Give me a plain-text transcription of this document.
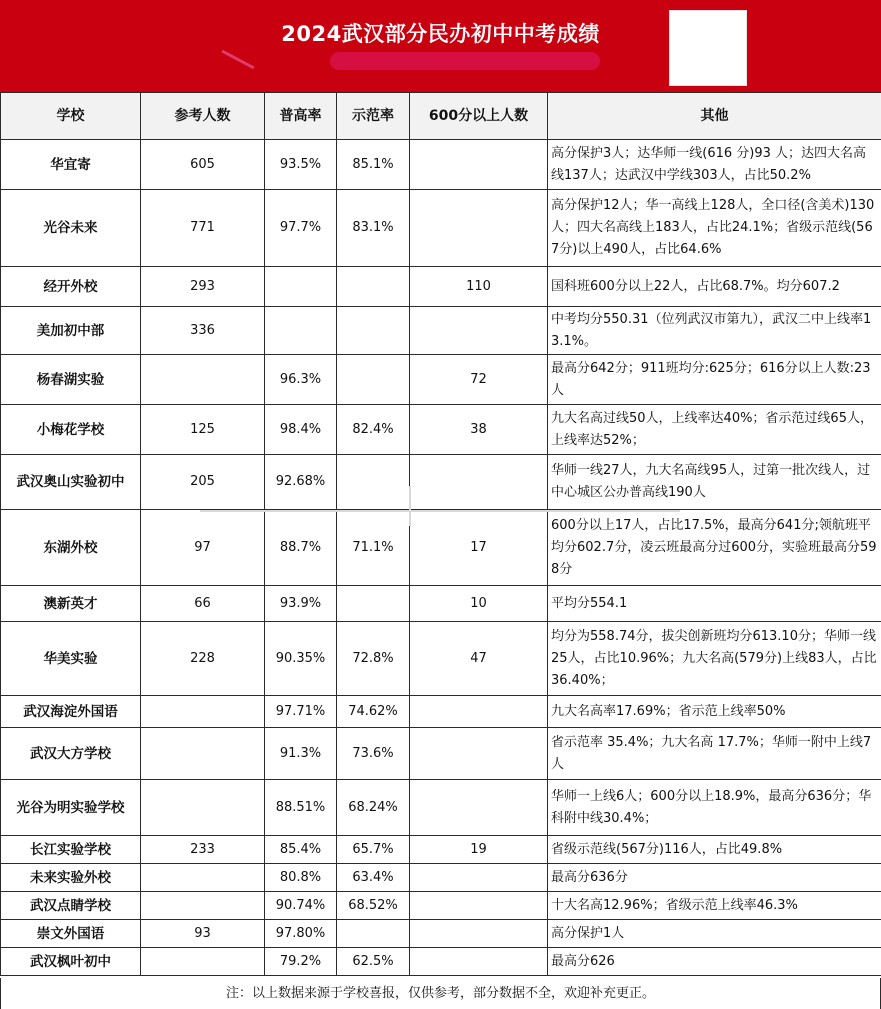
2024武汉部分民办初中中考成绩
学校	参考人数	普高率	示范率	600分以上人数	其他
华宜寄	605	93.5%	85.1%		高分保护3人；达华师一线(616 分)93 人；达四大名高线137人；达武汉中学线303人，占比50.2%
光谷未来	771	97.7%	83.1%		高分保护12人；华一高线上128人，全口径(含美术)130人；四大名高线上183人，占比24.1%；省级示范线(567分)以上490人，占比64.6%
经开外校	293			110	国科班600分以上22人，占比68.7%。均分607.2
美加初中部	336				中考均分550.31（位列武汉市第九），武汉二中上线率13.1%。
杨春湖实验		96.3%		72	最高分642分；911班均分:625分；616分以上人数:23人
小梅花学校	125	98.4%	82.4%	38	九大名高过线50人，上线率达40%；省示范过线65人，上线率达52%；
武汉奥山实验初中	205	92.68%			华师一线27人，九大名高线95人，过第一批次线人，过中心城区公办普高线190人
东湖外校	97	88.7%	71.1%	17	600分以上17人，占比17.5%，最高分641分;领航班平均分602.7分，凌云班最高分过600分，实验班最高分598分
澳新英才	66	93.9%		10	平均分554.1
华美实验	228	90.35%	72.8%	47	均分为558.74分，拔尖创新班均分613.10分；华师一线25人，占比10.96%；九大名高(579分)上线83人，占比36.40%；
武汉海淀外国语		97.71%	74.62%		九大名高率17.69%；省示范上线率50%
武汉大方学校		91.3%	73.6%		省示范率 35.4%；九大名高 17.7%；华师一附中上线7人
光谷为明实验学校		88.51%	68.24%		华师一上线6人；600分以上18.9%，最高分636分；华科附中线30.4%；
长江实验学校	233	85.4%	65.7%	19	省级示范线(567分)116人，占比49.8%
未来实验外校		80.8%	63.4%		最高分636分
武汉点睛学校		90.74%	68.52%		十大名高12.96%；省级示范上线率46.3%
崇文外国语	93	97.80%			高分保护1人
武汉枫叶初中		79.2%	62.5%		最高分626
注：以上数据来源于学校喜报，仅供参考，部分数据不全，欢迎补充更正。
